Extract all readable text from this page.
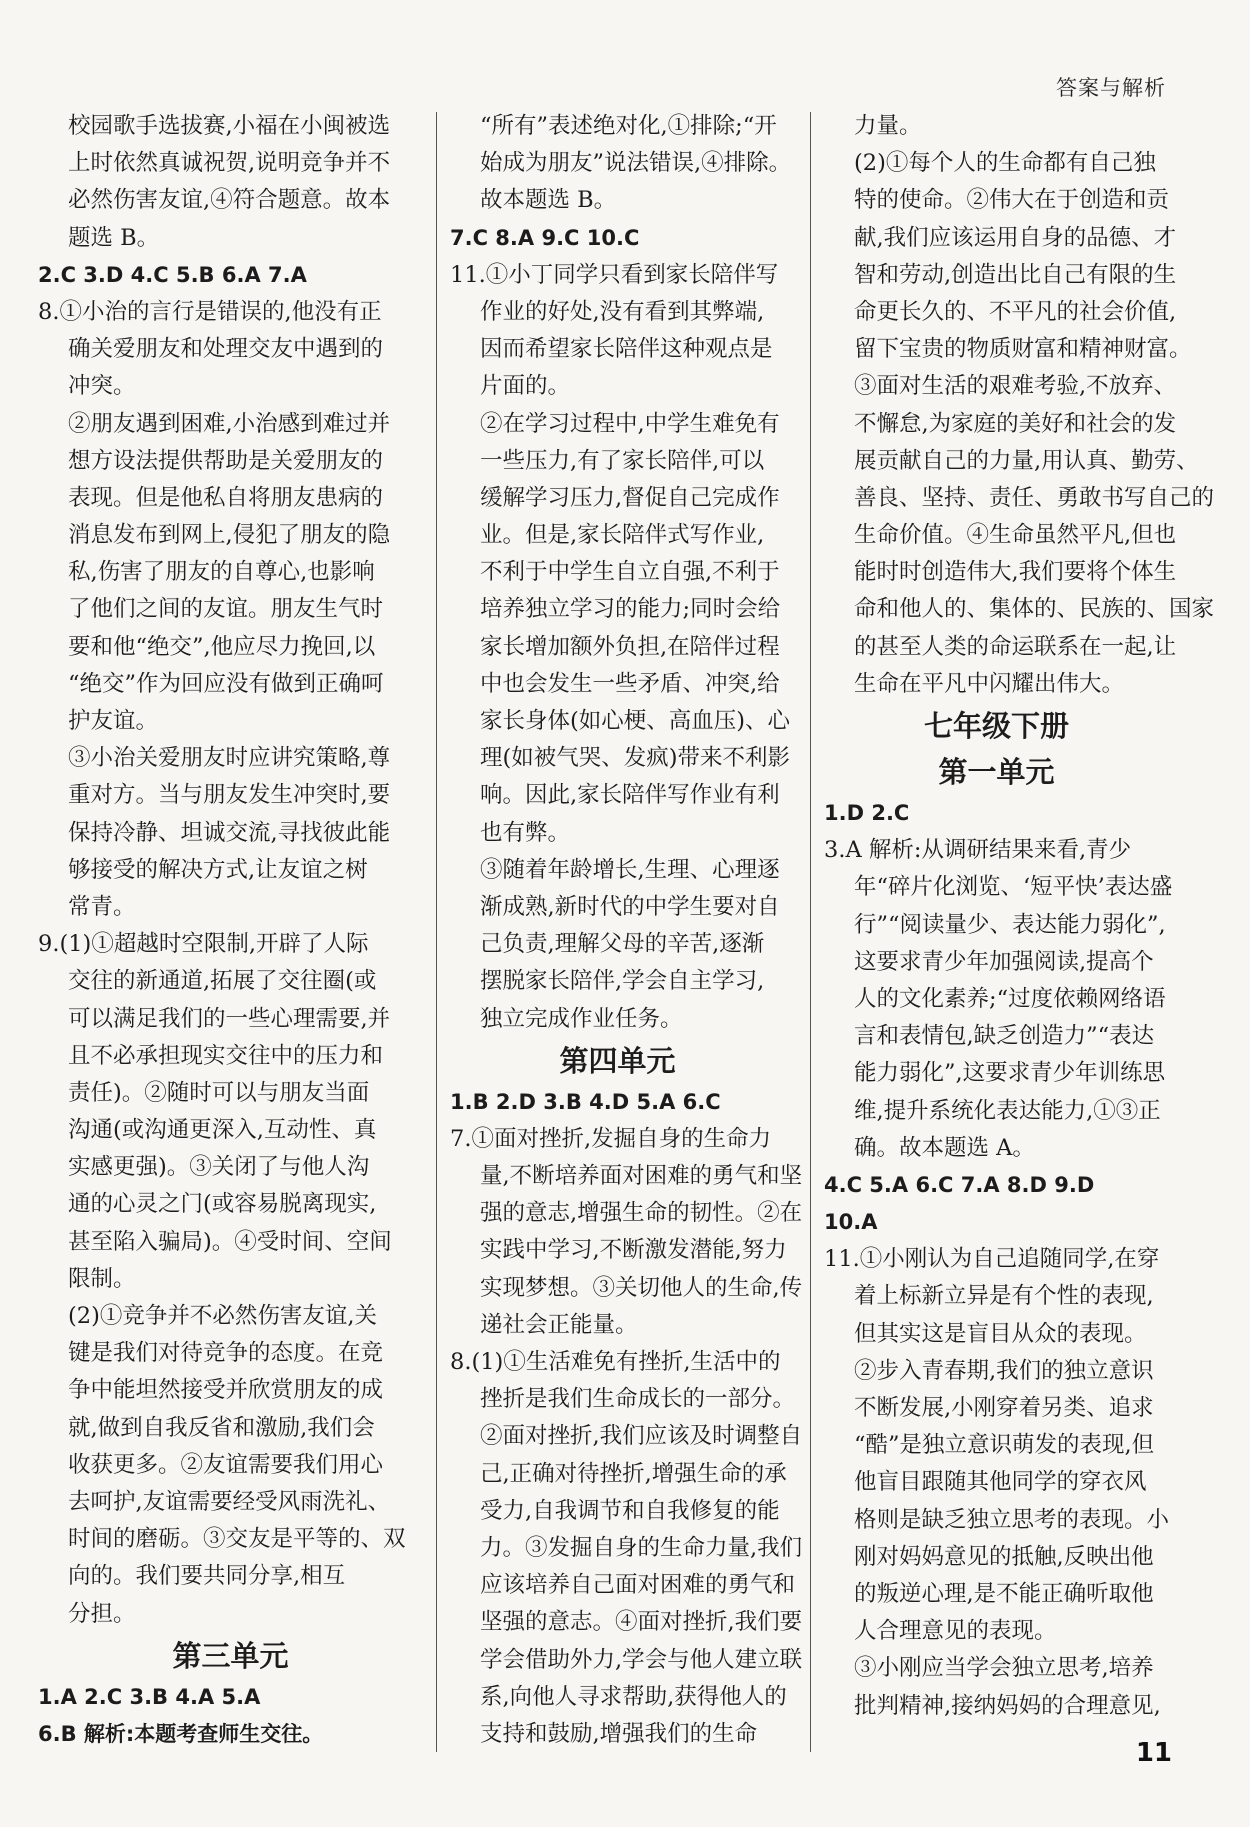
答案与解析
校园歌手选拔赛,小福在小闽被选
上时依然真诚祝贺,说明竞争并不
必然伤害友谊,④符合题意。故本
题选 B。
2.C 3.D 4.C 5.B 6.A 7.A
8.①小治的言行是错误的,他没有正
确关爱朋友和处理交友中遇到的
冲突。
②朋友遇到困难,小治感到难过并
想方设法提供帮助是关爱朋友的
表现。但是他私自将朋友患病的
消息发布到网上,侵犯了朋友的隐
私,伤害了朋友的自尊心,也影响
了他们之间的友谊。朋友生气时
要和他“绝交”,他应尽力挽回,以
“绝交”作为回应没有做到正确呵
护友谊。
③小治关爱朋友时应讲究策略,尊
重对方。当与朋友发生冲突时,要
保持冷静、坦诚交流,寻找彼此能
够接受的解决方式,让友谊之树
常青。
9.(1)①超越时空限制,开辟了人际
交往的新通道,拓展了交往圈(或
可以满足我们的一些心理需要,并
且不必承担现实交往中的压力和
责任)。②随时可以与朋友当面
沟通(或沟通更深入,互动性、真
实感更强)。③关闭了与他人沟
通的心灵之门(或容易脱离现实,
甚至陷入骗局)。④受时间、空间
限制。
(2)①竞争并不必然伤害友谊,关
键是我们对待竞争的态度。在竞
争中能坦然接受并欣赏朋友的成
就,做到自我反省和激励,我们会
收获更多。②友谊需要我们用心
去呵护,友谊需要经受风雨洗礼、
时间的磨砺。③交友是平等的、双
向的。我们要共同分享,相互
分担。
第三单元
1.A 2.C 3.B 4.A 5.A
6.B 解析:本题考查师生交往。
“所有”表述绝对化,①排除;“开
始成为朋友”说法错误,④排除。
故本题选 B。
7.C 8.A 9.C 10.C
11.①小丁同学只看到家长陪伴写
作业的好处,没有看到其弊端,
因而希望家长陪伴这种观点是
片面的。
②在学习过程中,中学生难免有
一些压力,有了家长陪伴,可以
缓解学习压力,督促自己完成作
业。但是,家长陪伴式写作业,
不利于中学生自立自强,不利于
培养独立学习的能力;同时会给
家长增加额外负担,在陪伴过程
中也会发生一些矛盾、冲突,给
家长身体(如心梗、高血压)、心
理(如被气哭、发疯)带来不利影
响。因此,家长陪伴写作业有利
也有弊。
③随着年龄增长,生理、心理逐
渐成熟,新时代的中学生要对自
己负责,理解父母的辛苦,逐渐
摆脱家长陪伴,学会自主学习,
独立完成作业任务。
第四单元
1.B 2.D 3.B 4.D 5.A 6.C
7.①面对挫折,发掘自身的生命力
量,不断培养面对困难的勇气和坚
强的意志,增强生命的韧性。②在
实践中学习,不断激发潜能,努力
实现梦想。③关切他人的生命,传
递社会正能量。
8.(1)①生活难免有挫折,生活中的
挫折是我们生命成长的一部分。
②面对挫折,我们应该及时调整自
己,正确对待挫折,增强生命的承
受力,自我调节和自我修复的能
力。③发掘自身的生命力量,我们
应该培养自己面对困难的勇气和
坚强的意志。④面对挫折,我们要
学会借助外力,学会与他人建立联
系,向他人寻求帮助,获得他人的
支持和鼓励,增强我们的生命
力量。
(2)①每个人的生命都有自己独
特的使命。②伟大在于创造和贡
献,我们应该运用自身的品德、才
智和劳动,创造出比自己有限的生
命更长久的、不平凡的社会价值,
留下宝贵的物质财富和精神财富。
③面对生活的艰难考验,不放弃、
不懈怠,为家庭的美好和社会的发
展贡献自己的力量,用认真、勤劳、
善良、坚持、责任、勇敢书写自己的
生命价值。④生命虽然平凡,但也
能时时创造伟大,我们要将个体生
命和他人的、集体的、民族的、国家
的甚至人类的命运联系在一起,让
生命在平凡中闪耀出伟大。
七年级下册
第一单元
1.D 2.C
3.A 解析:从调研结果来看,青少
年“碎片化浏览、‘短平快’表达盛
行”“阅读量少、表达能力弱化”,
这要求青少年加强阅读,提高个
人的文化素养;“过度依赖网络语
言和表情包,缺乏创造力”“表达
能力弱化”,这要求青少年训练思
维,提升系统化表达能力,①③正
确。故本题选 A。
4.C 5.A 6.C 7.A 8.D 9.D
10.A
11.①小刚认为自己追随同学,在穿
着上标新立异是有个性的表现,
但其实这是盲目从众的表现。
②步入青春期,我们的独立意识
不断发展,小刚穿着另类、追求
“酷”是独立意识萌发的表现,但
他盲目跟随其他同学的穿衣风
格则是缺乏独立思考的表现。小
刚对妈妈意见的抵触,反映出他
的叛逆心理,是不能正确听取他
人合理意见的表现。
③小刚应当学会独立思考,培养
批判精神,接纳妈妈的合理意见,
11
